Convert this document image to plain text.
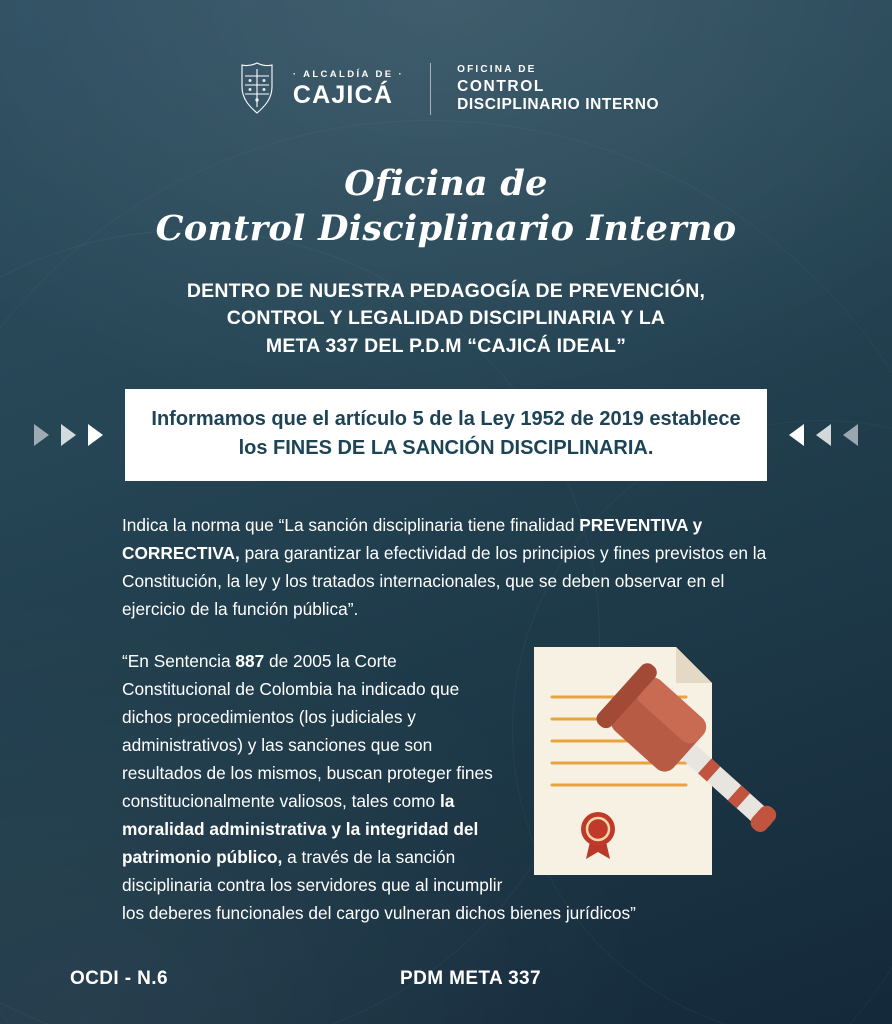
· ALCALDÍA DE ·
CAJICÁ
OFICINA DE
CONTROL
DISCIPLINARIO INTERNO
Oficina de
Control Disciplinario Interno
DENTRO DE NUESTRA PEDAGOGÍA DE PREVENCIÓN,
CONTROL Y LEGALIDAD DISCIPLINARIA Y LA
META 337 DEL P.D.M “CAJICÁ IDEAL”
Informamos que el artículo 5 de la Ley 1952 de 2019 establece los FINES DE LA SANCIÓN DISCIPLINARIA.
Indica la norma que “La sanción disciplinaria tiene finalidad PREVENTIVA y CORRECTIVA, para garantizar la efectividad de los principios y fines previstos en la Constitución, la ley y los tratados internacionales, que se deben observar en el ejercicio de la función pública”.
“En Sentencia 887 de 2005 la Corte Constitucional de Colombia ha indicado que dichos procedimientos (los judiciales y administrativos) y las sanciones que son resultados de los mismos, buscan proteger fines constitucionalmente valiosos, tales como la moralidad administrativa y la integridad del patrimonio público, a través de la sanción disciplinaria contra los servidores que al incumplir los deberes funcionales del cargo vulneran dichos bienes jurídicos”
OCDI - N.6	PDM META 337
